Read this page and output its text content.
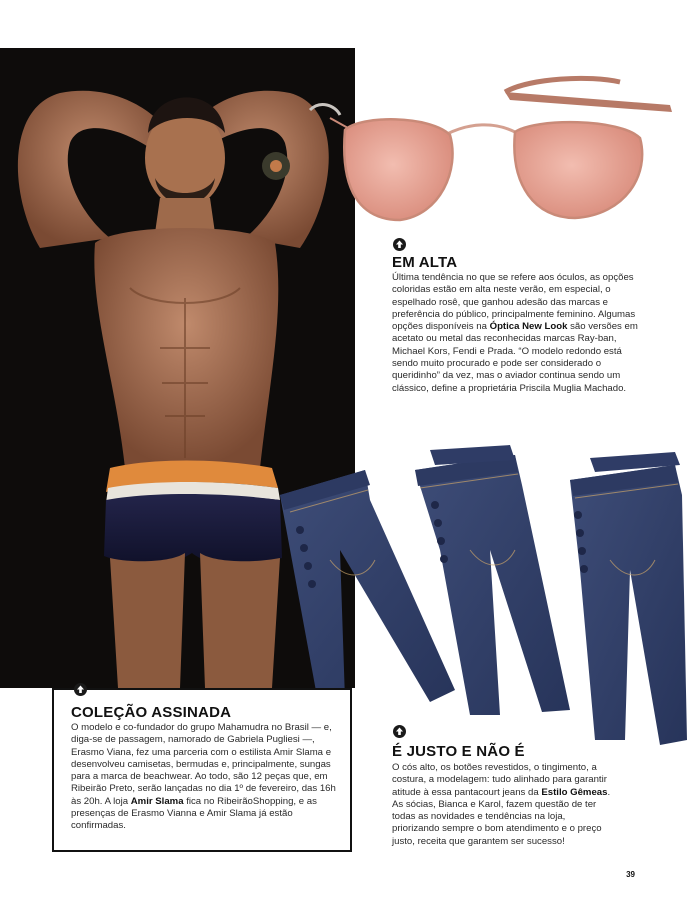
EM ALTA

Última tendência no que se refere aos óculos, as opções coloridas estão em alta neste verão, em especial, o espelhado rosê, que ganhou adesão das marcas e preferência do público, principalmente feminino. Algumas opções disponíveis na Óptica New Look são versões em acetato ou metal das reconhecidas marcas Ray-ban, Michael Kors, Fendi e Prada. “O modelo redondo está sendo muito procurado e pode ser considerado o queridinho” da vez, mas o aviador continua sendo um clássico, define a proprietária Priscila Muglia Machado.

COLEÇÃO ASSINADA

O modelo e co-fundador do grupo Mahamudra no Brasil — e, diga-se de passagem, namorado de Gabriela Pugliesi —, Erasmo Viana, fez uma parceria com o estilista Amir Slama e desenvolveu camisetas, bermudas e, principalmente, sungas para a marca de beachwear. Ao todo, são 12 peças que, em Ribeirão Preto, serão lançadas no dia 1º de fevereiro, das 16h às 20h. A loja Amir Slama fica no RibeirãoShopping, e as presenças de Erasmo Vianna e Amir Slama já estão confirmadas.

É JUSTO E NÃO É

O cós alto, os botões revestidos, o tingimento, a costura, a modelagem: tudo alinhado para garantir atitude à essa pantacourt jeans da Estilo Gêmeas. As sócias, Bianca e Karol, fazem questão de ter todas as novidades e tendências na loja, priorizando sempre o bom atendimento e o preço justo, receita que garantem ser sucesso!

39
